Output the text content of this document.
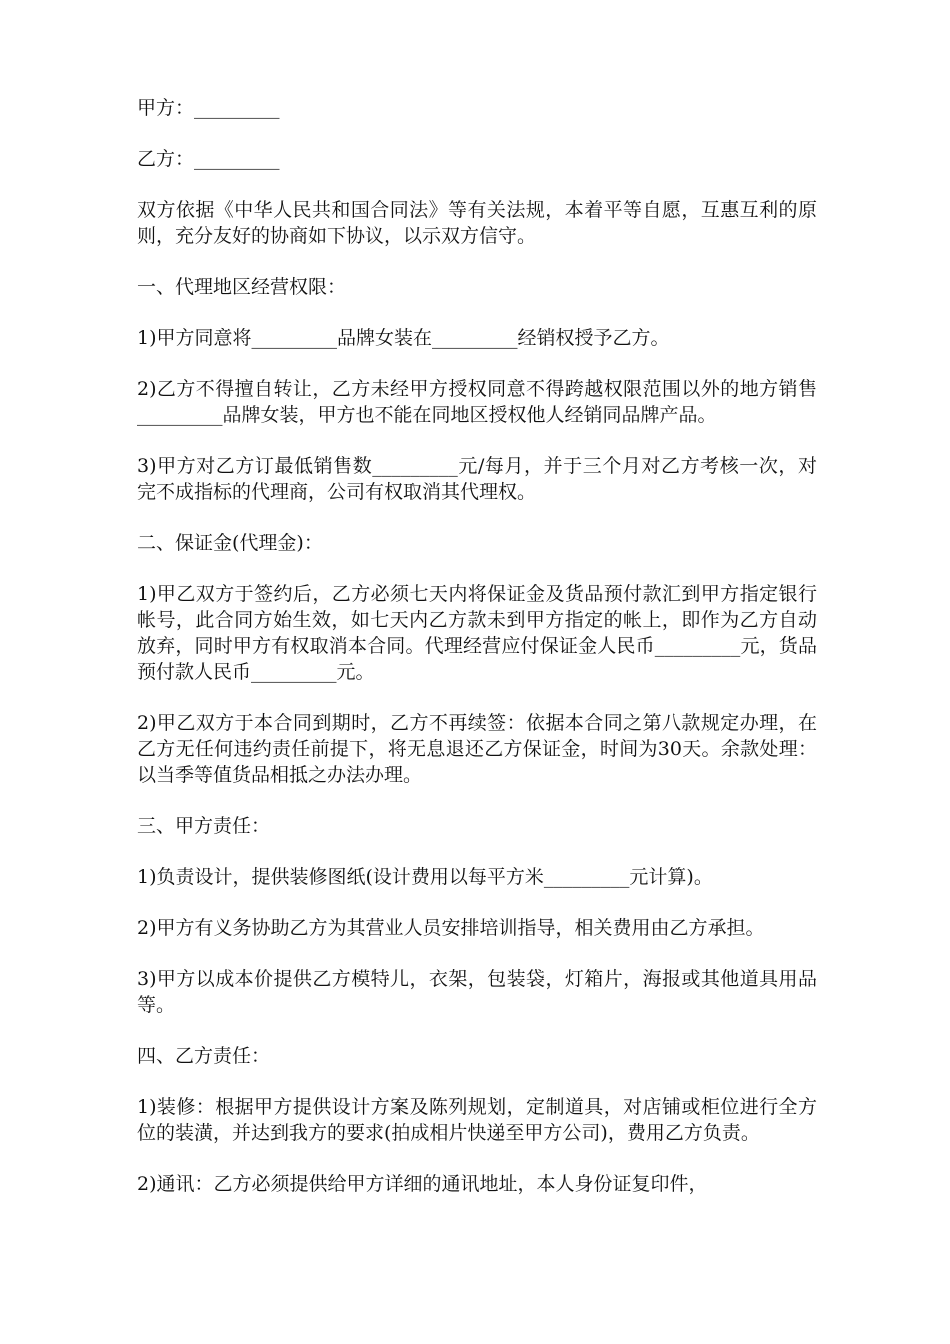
甲方：_________

乙方：_________

双方依据《中华人民共和国合同法》等有关法规，本着平等自愿，互惠互利的原则，充分友好的协商如下协议，以示双方信守。

一、代理地区经营权限：

1)甲方同意将_________品牌女装在_________经销权授予乙方。

2)乙方不得擅自转让，乙方未经甲方授权同意不得跨越权限范围以外的地方销售_________品牌女装，甲方也不能在同地区授权他人经销同品牌产品。

3)甲方对乙方订最低销售数_________元/每月，并于三个月对乙方考核一次，对完不成指标的代理商，公司有权取消其代理权。

二、保证金(代理金)：

1)甲乙双方于签约后，乙方必须七天内将保证金及货品预付款汇到甲方指定银行帐号，此合同方始生效，如七天内乙方款未到甲方指定的帐上，即作为乙方自动放弃，同时甲方有权取消本合同。代理经营应付保证金人民币_________元，货品预付款人民币_________元。

2)甲乙双方于本合同到期时，乙方不再续签：依据本合同之第八款规定办理，在乙方无任何违约责任前提下，将无息退还乙方保证金，时间为30天。余款处理：以当季等值货品相抵之办法办理。

三、甲方责任：

1)负责设计，提供装修图纸(设计费用以每平方米_________元计算)。

2)甲方有义务协助乙方为其营业人员安排培训指导，相关费用由乙方承担。

3)甲方以成本价提供乙方模特儿，衣架，包装袋，灯箱片，海报或其他道具用品等。

四、乙方责任：

1)装修：根据甲方提供设计方案及陈列规划，定制道具，对店铺或柜位进行全方位的装潢，并达到我方的要求(拍成相片快递至甲方公司)，费用乙方负责。

2)通讯：乙方必须提供给甲方详细的通讯地址，本人身份证复印件，
